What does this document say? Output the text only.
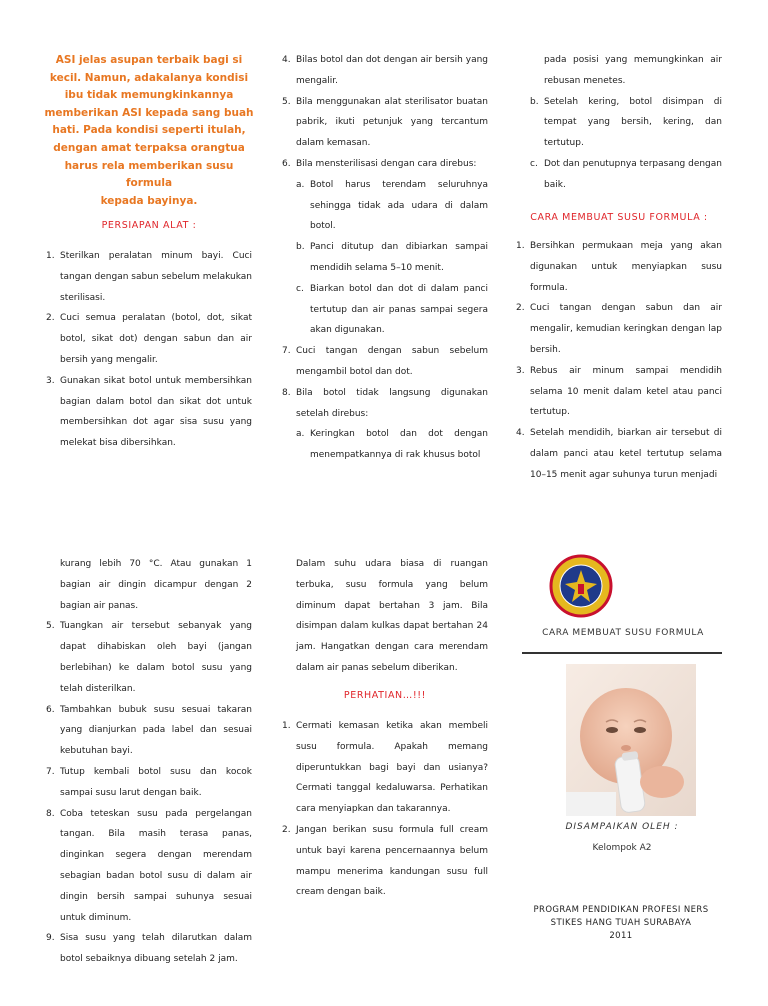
ASI jelas asupan terbaik bagi si
kecil. Namun, adakalanya kondisi
ibu tidak memungkinkannya
memberikan ASI kepada sang buah
hati. Pada kondisi seperti itulah,
dengan amat terpaksa orangtua
harus rela memberikan susu formula
kepada bayinya.
PERSIAPAN ALAT :
1. Sterilkan peralatan minum bayi. Cuci tangan dengan sabun sebelum melakukan sterilisasi.
2. Cuci semua peralatan (botol, dot, sikat botol, sikat dot) dengan sabun dan air bersih yang mengalir.
3. Gunakan sikat botol untuk membersihkan bagian dalam botol dan sikat dot untuk membersihkan dot agar sisa susu yang melekat bisa dibersihkan.
4. Bilas botol dan dot dengan air bersih yang mengalir.
5. Bila menggunakan alat sterilisator buatan pabrik, ikuti petunjuk yang tercantum dalam kemasan.
6. Bila mensterilisasi dengan cara direbus:
a. Botol harus terendam seluruhnya sehingga tidak ada udara di dalam botol.
b. Panci ditutup dan dibiarkan sampai mendidih selama 5–10 menit.
c. Biarkan botol dan dot di dalam panci tertutup dan air panas sampai segera akan digunakan.
7. Cuci tangan dengan sabun sebelum mengambil botol dan dot.
8. Bila botol tidak langsung digunakan setelah direbus:
a. Keringkan botol dan dot dengan menempatkannya di rak khusus botol
pada posisi yang memungkinkan air rebusan menetes.
b. Setelah kering, botol disimpan di tempat yang bersih, kering, dan tertutup.
c. Dot dan penutupnya terpasang dengan baik.
CARA MEMBUAT SUSU FORMULA :
1. Bersihkan permukaan meja yang akan digunakan untuk menyiapkan susu formula.
2. Cuci tangan dengan sabun dan air mengalir, kemudian keringkan dengan lap bersih.
3. Rebus air minum sampai mendidih selama 10 menit dalam ketel atau panci tertutup.
4. Setelah mendidih, biarkan air tersebut di dalam panci atau ketel tertutup selama 10–15 menit agar suhunya turun menjadi
kurang lebih 70 °C. Atau gunakan 1 bagian air dingin dicampur dengan 2 bagian air panas.
5. Tuangkan air tersebut sebanyak yang dapat dihabiskan oleh bayi (jangan berlebihan) ke dalam botol susu yang telah disterilkan.
6. Tambahkan bubuk susu sesuai takaran yang dianjurkan pada label dan sesuai kebutuhan bayi.
7. Tutup kembali botol susu dan kocok sampai susu larut dengan baik.
8. Coba teteskan susu pada pergelangan tangan. Bila masih terasa panas, dinginkan segera dengan merendam sebagian badan botol susu di dalam air dingin bersih sampai suhunya sesuai untuk diminum.
9. Sisa susu yang telah dilarutkan dalam botol sebaiknya dibuang setelah 2 jam.
Dalam suhu udara biasa di ruangan terbuka, susu formula yang belum diminum dapat bertahan 3 jam. Bila disimpan dalam kulkas dapat bertahan 24 jam. Hangatkan dengan cara merendam dalam air panas sebelum diberikan.
PERHATIAN…!!!
1. Cermati kemasan ketika akan membeli susu formula. Apakah memang diperuntukkan bagi bayi dan usianya? Cermati tanggal kedaluwarsa. Perhatikan cara menyiapkan dan takarannya.
2. Jangan berikan susu formula full cream untuk bayi karena pencernaannya belum mampu menerima kandungan susu full cream dengan baik.
CARA MEMBUAT SUSU FORMULA
DISAMPAIKAN OLEH :
Kelompok A2
PROGRAM PENDIDIKAN PROFESI NERS
STIKES HANG TUAH SURABAYA
2011
